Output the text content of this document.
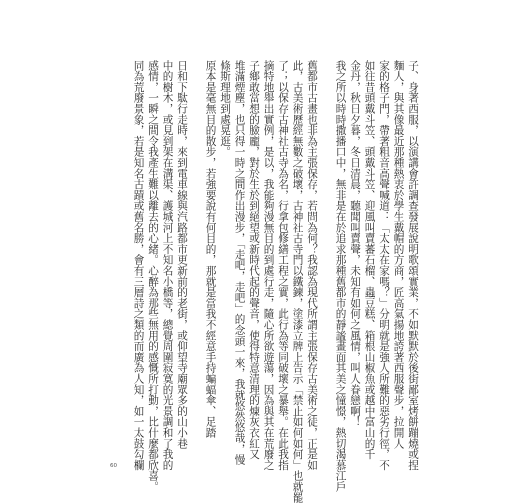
子、身著西服，以演講會許調查發展說明歌頌實業，不如默默於後街鄙室烤餅蹦燒或捏
麵人，與其像最近那種熱衷於學生戴帽的方商，匠高氣揚地誇著西服聲步，拉開人
家的格子門，帶著粗音高聲喊道：「太太在家嗎？」分明就是強人所難的惡劣行徑，不
如往昔頭戴斗笠、頭戴斗笠、迎風叫賣蕃石榴、蟲豆糕、箱根山椒魚或越中富山的千
金丹，秋日夕暮，冬日清晨，聽聞叫賣聲，未知有如何之風情，叫人眷戀啊！
我之所以時時撒播口中，無非是在於追求那種舊都市的靜謐畫面其美之憧憬，熱切渴慕江戶
舊都市古畫也非為主張保存，若問為何？我認為現代所謂主張保存古美術之徒，正是如
此，古美術歷經無數之破壞，古神社古寺門以鐵鍊，塗漆立牌上告示「禁止如何如何」也就罷
了；以保存古神社古寺為名，行拿包修繕工程之實，此行為等同破壞之暴舉。在此我指
摘特地舉出實例，是以，我能夠漫無目的到處行走，隨心所欲遊蕩，因為與其在荒廢之
子鄉敢當想的臉龐，對於生於到絕望或新時代起的聲音，使得特意清理的煉灰衣紅又
堆滿煙塵，也只得一時之間作出漫步，「走吧，走吧」的念頭一來，我就悠然悠哉，慢
條斯理地到處晃逛。
原本是毫無目的散步，若強要說有何目的，那就是當我不經意手持蝙蝠傘、足踏
日和下駄行走時，來到電車線與汽路都市更新前的老街，或仰望寺廟眾多的山小巷
中的樹木，或見到架在溝渠、護城河上不知名小橋等，總覺周圍寂寞的光景調和了我的
感情，一瞬之間令我產生難以離去的心緒。心醉為那些無用的感慨所打動，比什麼都欣喜。
同為荒廢景象，若是知名古蹟或舊名勝，會有三層詩之類的而廣為人知，如一太鼓勾欄
60
